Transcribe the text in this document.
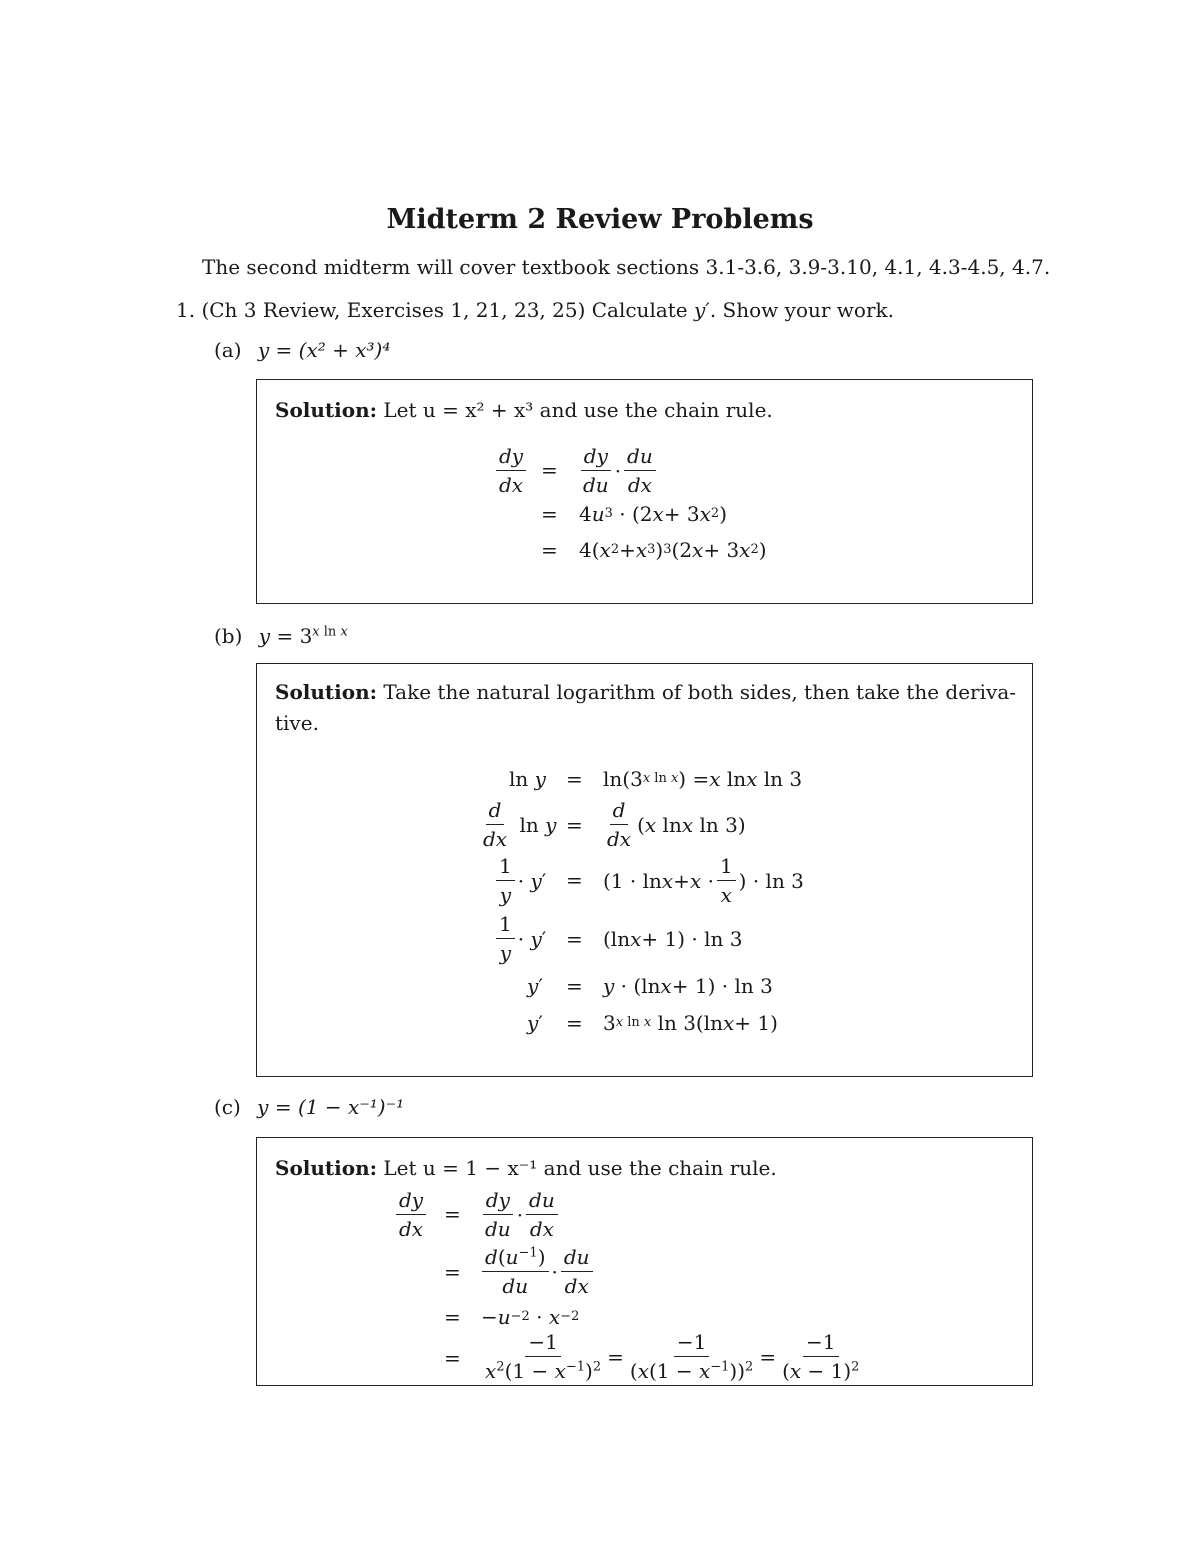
Midterm 2 Review Problems
The second midterm will cover textbook sections 3.1-3.6, 3.9-3.10, 4.1, 4.3-4.5, 4.7.
1. (Ch 3 Review, Exercises 1, 21, 23, 25) Calculate y′. Show your work.
(a) y = (x² + x³)⁴
Solution: Let u = x² + x³ and use the chain rule.
$\frac{dy}{dx} = \frac{dy}{du} \cdot \frac{du}{dx}$
= 4 u 3 · (2 x + 3 x 2 )
= 4( x 2 + x 3 ) 3 (2 x + 3 x 2 )
(b) $y = 3^{x ln x}$
Solution: Take the natural logarithm of both sides, then take the deriva-
tive.
ln y = ln(3 x ln x ) = x ln x ln 3
$\frac{d}{dx}$ $\ln y = \frac{d}{dx}$ ( x ln x ln 3)
$\frac{1}{y} \cdot y$ ′ = ($1 \cdot \ln x + x \cdot \frac{1}{x}$ ) · ln 3
$\frac{1}{y} \cdot y$ ′ = (ln x + 1) · ln 3
y ′ = y · (ln x + 1) · ln 3
y ′ = 3 x ln x ln 3(ln x + 1)
(c) y = (1 − x⁻¹)⁻¹
Solution: Let u = 1 − x⁻¹ and use the chain rule.
$\frac{dy}{dx} = \frac{dy}{du} \cdot \frac{du}{dx}$
= $\frac{d(u^{-1})}{du} \cdot \frac{du}{dx}$
= − u −2 · x −2
= $\frac{-1}{x^2(1 - x^{-1})^2} = \frac{-1}{(x(1 - x^{-1}))^2} = \frac{-1}{(x - 1)^2}$
